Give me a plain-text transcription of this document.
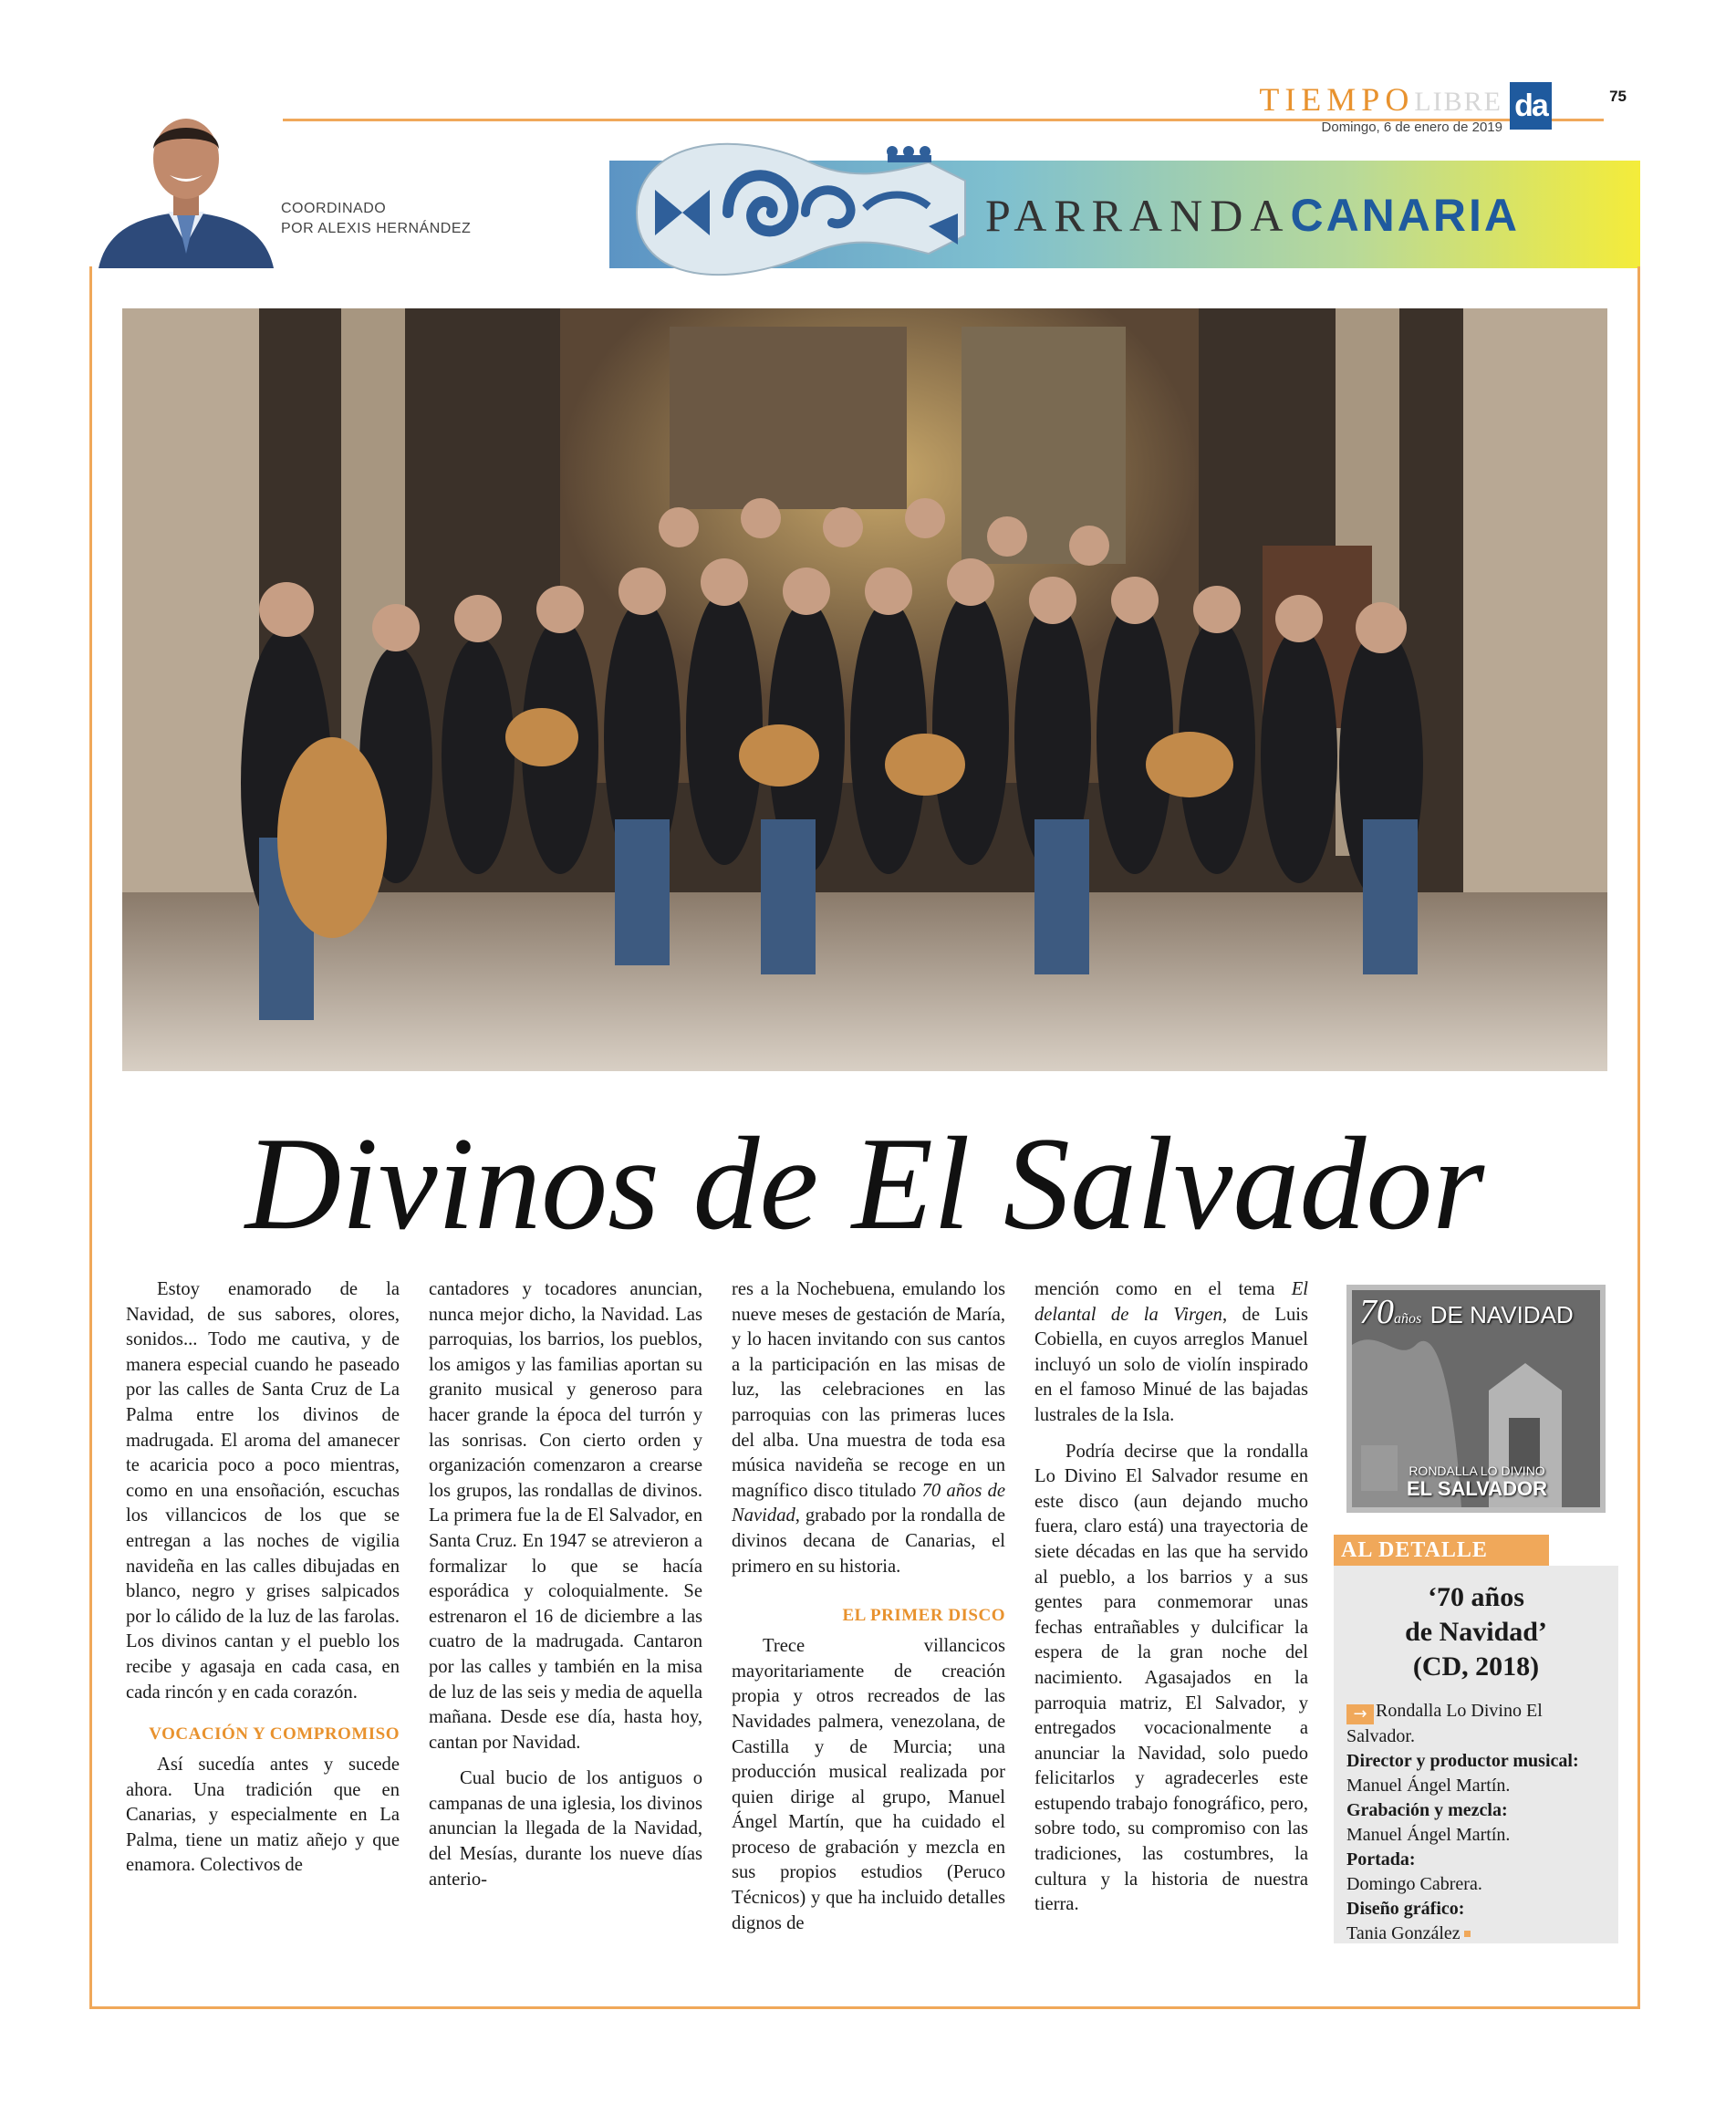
TIEMPOLIBRE
Domingo, 6 de enero de 2019
da	75
COORDINADO
POR ALEXIS HERNÁNDEZ	PARRANDACANARIA
Divinos de El Salvador

Estoy enamorado de la Navidad, de sus sabores, olores, sonidos... Todo me cautiva, y de manera especial cuando he paseado por las calles de Santa Cruz de La Palma entre los divinos de madrugada. El aroma del amanecer te acaricia poco a poco mientras, como en una ensoñación, escuchas los villancicos de los que se entregan a las noches de vigilia navideña en las calles dibujadas en blanco, negro y grises salpicados por lo cálido de la luz de las farolas. Los divinos cantan y el pueblo los recibe y agasaja en cada casa, en cada rincón y en cada corazón.

VOCACIÓN Y COMPROMISO

Así sucedía antes y sucede ahora. Una tradición que en Canarias, y especialmente en La Palma, tiene un matiz añejo y que enamora. Colectivos de

cantadores y tocadores anuncian, nunca mejor dicho, la Navidad. Las parroquias, los barrios, los pueblos, los amigos y las familias aportan su granito musical y generoso para hacer grande la época del turrón y las sonrisas. Con cierto orden y organización comenzaron a crearse los grupos, las rondallas de divinos. La primera fue la de El Salvador, en Santa Cruz. En 1947 se atrevieron a formalizar lo que se hacía esporádica y coloquialmente. Se estrenaron el 16 de diciembre a las cuatro de la madrugada. Cantaron por las calles y también en la misa de luz de las seis y media de aquella mañana. Desde ese día, hasta hoy, cantan por Navidad.

Cual bucio de los antiguos o campanas de una iglesia, los divinos anuncian la llegada de la Navidad, del Mesías, durante los nueve días anterio-

res a la Nochebuena, emulando los nueve meses de gestación de María, y lo hacen invitando con sus cantos a la participación en las misas de luz, las celebraciones en las parroquias con las primeras luces del alba. Una muestra de toda esa música navideña se recoge en un magnífico disco titulado 70 años de Navidad, grabado por la rondalla de divinos decana de Canarias, el primero en su historia.

EL PRIMER DISCO

Trece villancicos mayoritariamente de creación propia y otros recreados de las Navidades palmera, venezolana, de Castilla y de Murcia; una producción musical realizada por quien dirige al grupo, Manuel Ángel Martín, que ha cuidado el proceso de grabación y mezcla en sus propios estudios (Peruco Técnicos) y que ha incluido detalles dignos de

mención como en el tema El delantal de la Virgen, de Luis Cobiella, en cuyos arreglos Manuel incluyó un solo de violín inspirado en el famoso Minué de las bajadas lustrales de la Isla.

Podría decirse que la rondalla Lo Divino El Salvador resume en este disco (aun dejando mucho fuera, claro está) una trayectoria de siete décadas en las que ha servido al pueblo, a los barrios y a sus gentes para conmemorar unas fechas entrañables y dulcificar la espera de la gran noche del nacimiento. Agasajados en la parroquia matriz, El Salvador, y entregados vocacionalmente a anunciar la Navidad, solo puedo felicitarlos y agradecerles este estupendo trabajo fonográfico, pero, sobre todo, su compromiso con las tradiciones, las costumbres, la cultura y la historia de nuestra tierra.

70años DE NAVIDAD
RONDALLA LO DIVINO
EL SALVADOR
AL DETALLE
‘70 años
de Navidad’
(CD, 2018)
→ Rondalla Lo Divino El Salvador.
Director y productor musical:
Manuel Ángel Martín.
Grabación y mezcla:
Manuel Ángel Martín.
Portada:
Domingo Cabrera.
Diseño gráfico:
Tania González
